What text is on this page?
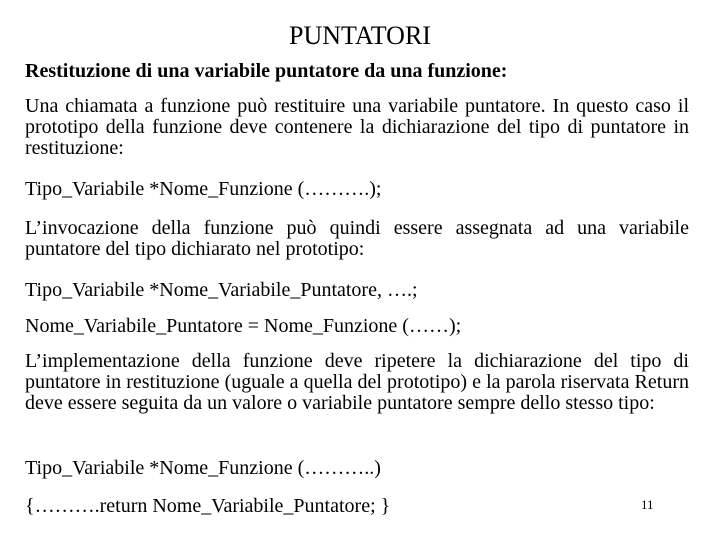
PUNTATORI
Restituzione di una variabile puntatore da una funzione:
Una chiamata a funzione può restituire una variabile puntatore. In questo caso il prototipo della funzione deve contenere la dichiarazione del tipo di puntatore in restituzione:
Tipo_Variabile *Nome_Funzione (……….);
L’invocazione della funzione può quindi essere assegnata ad una variabile puntatore del tipo dichiarato nel prototipo:
Tipo_Variabile *Nome_Variabile_Puntatore, ….;
Nome_Variabile_Puntatore = Nome_Funzione (……);
L’implementazione della funzione deve ripetere la dichiarazione del tipo di puntatore in restituzione (uguale a quella del prototipo) e la parola riservata Return deve essere seguita da un valore o variabile puntatore sempre dello stesso tipo:
Tipo_Variabile *Nome_Funzione (………..)
{……….return Nome_Variabile_Puntatore; }	11
